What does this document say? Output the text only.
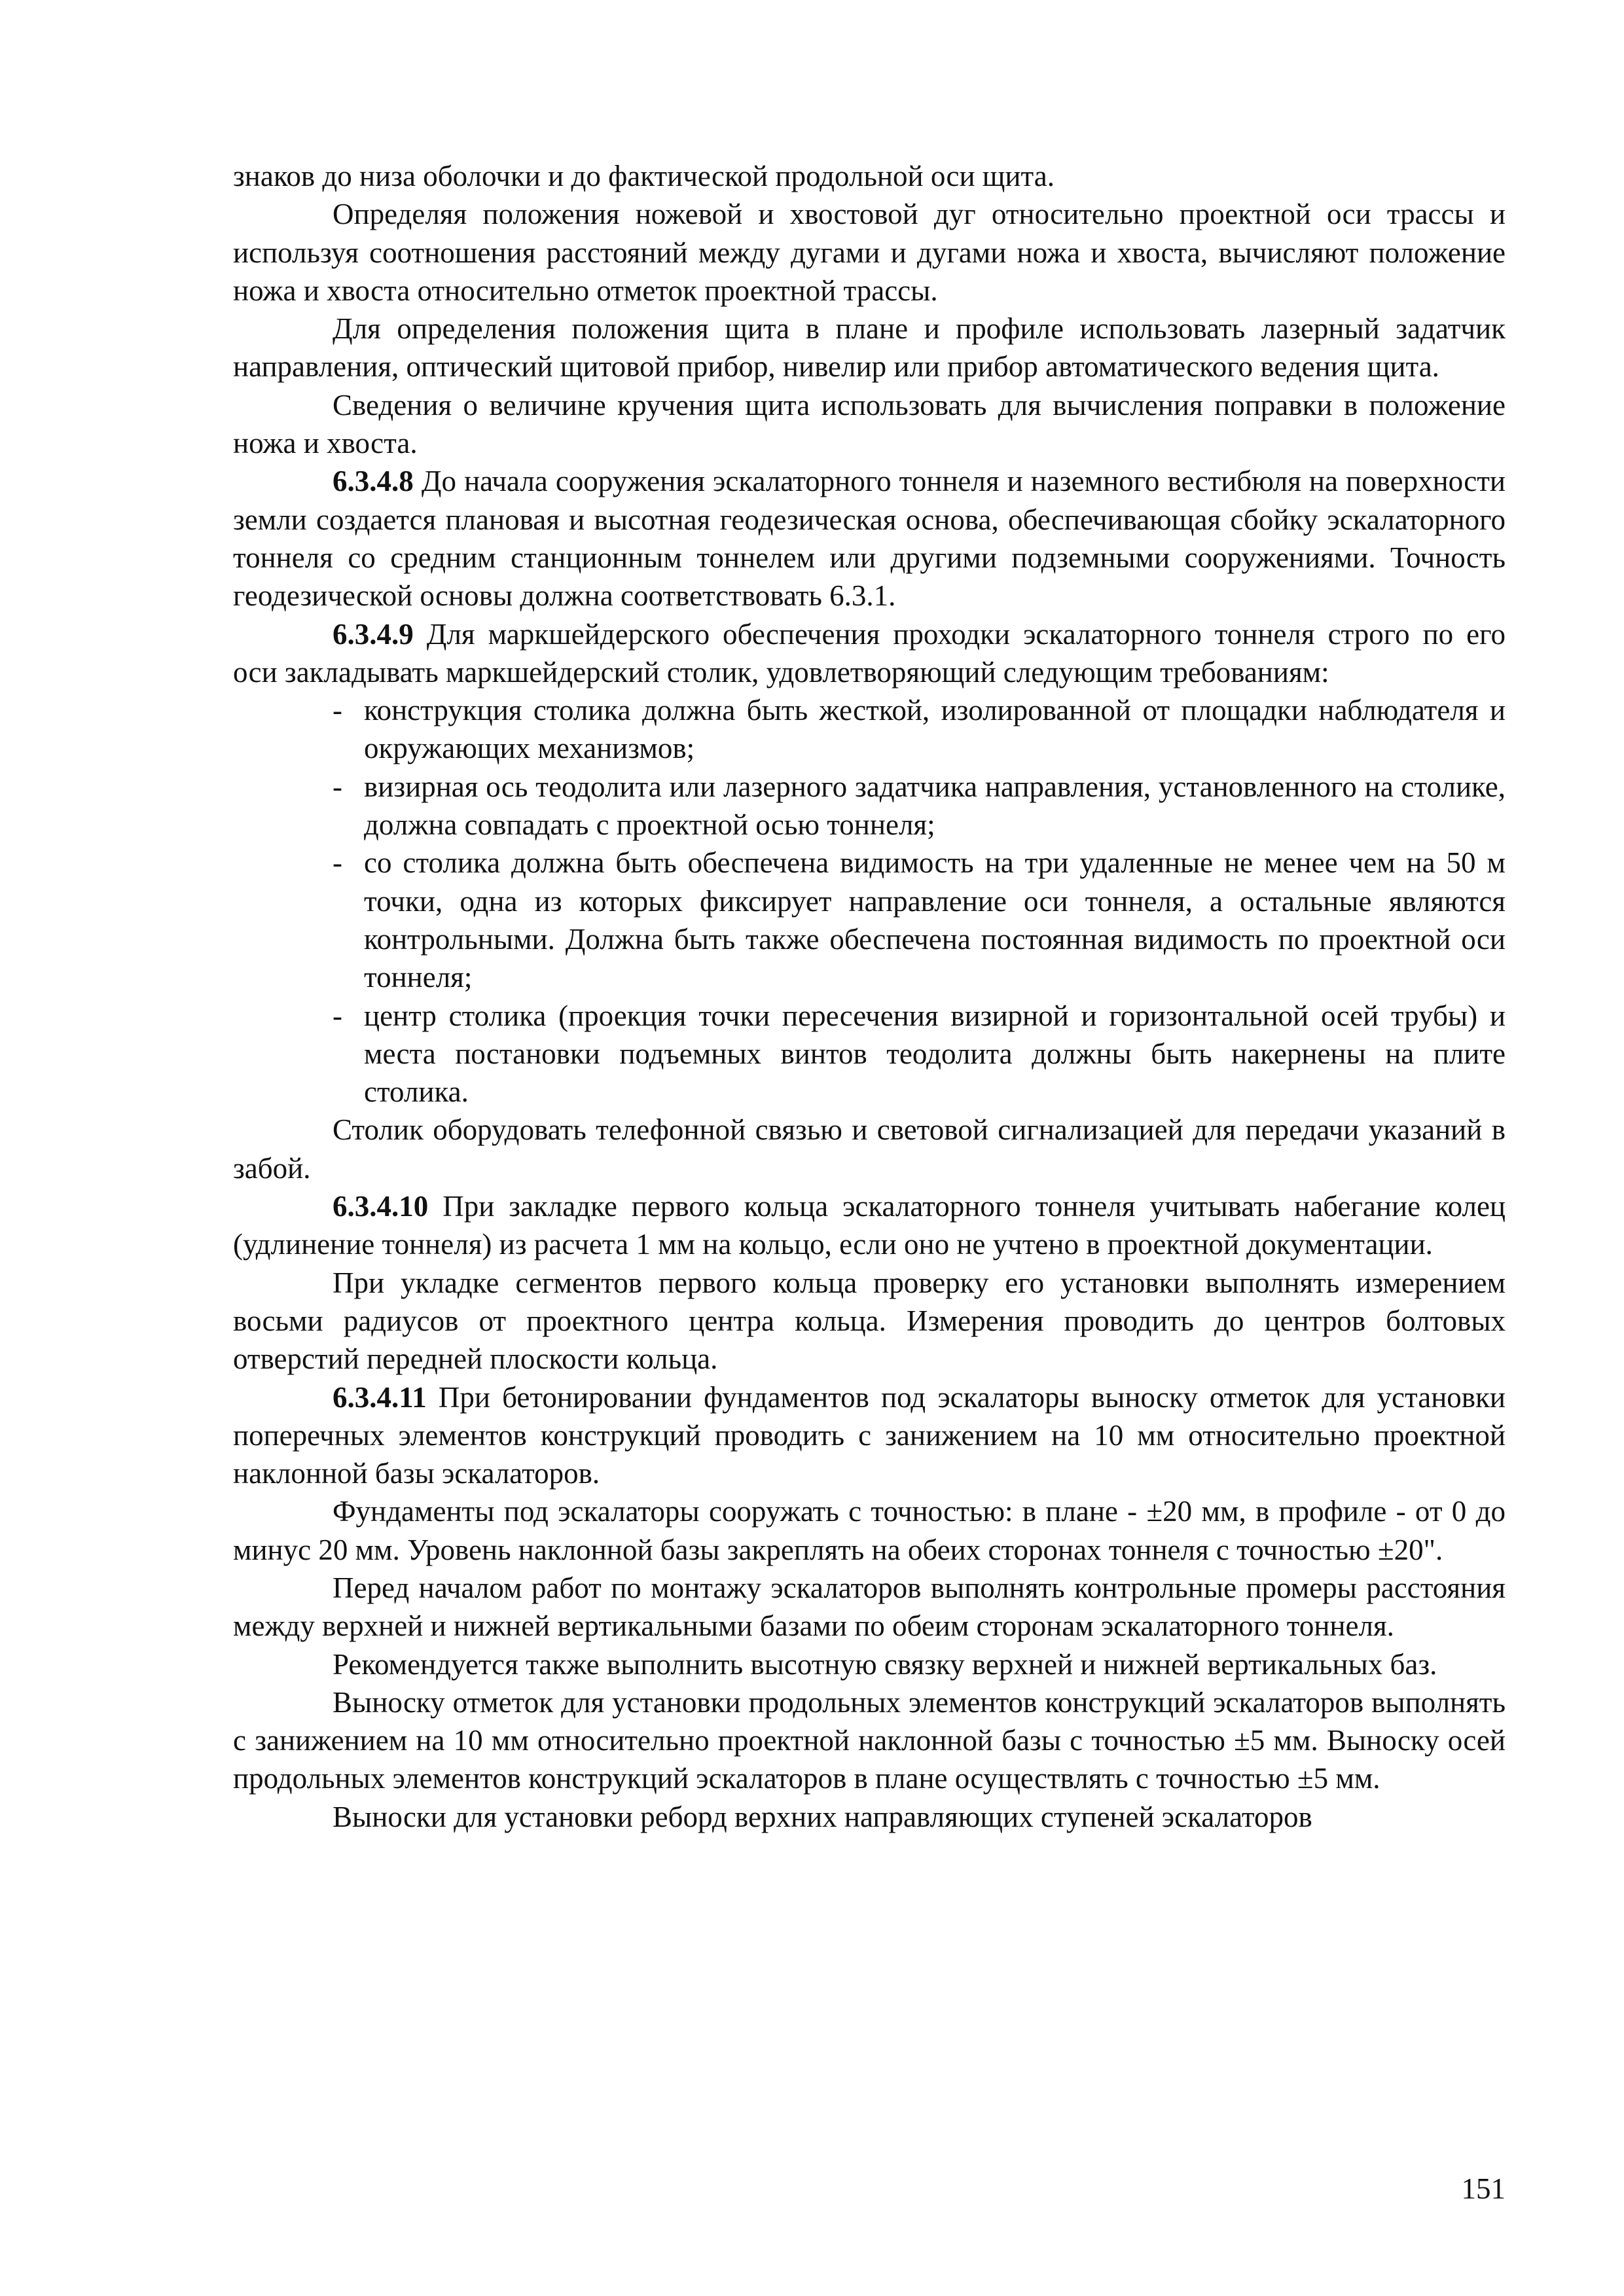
знаков до низа оболочки и до фактической продольной оси щита.

Определяя положения ножевой и хвостовой дуг относительно проектной оси трассы и используя соотношения расстояний между дугами и дугами ножа и хвоста, вычисляют положение ножа и хвоста относительно отметок проектной трассы.

Для определения положения щита в плане и профиле использовать лазерный задатчик направления, оптический щитовой прибор, нивелир или прибор автоматического ведения щита.

Сведения о величине кручения щита использовать для вычисления поправки в положение ножа и хвоста.

6.3.4.8 До начала сооружения эскалаторного тоннеля и наземного вестибюля на поверхности земли создается плановая и высотная геодезическая основа, обеспечивающая сбойку эскалаторного тоннеля со средним станционным тоннелем или другими подземными сооружениями. Точность геодезической основы должна соответствовать 6.3.1.

6.3.4.9 Для маркшейдерского обеспечения проходки эскалаторного тоннеля строго по его оси закладывать маркшейдерский столик, удовлетворяющий следующим требованиям:

- конструкция столика должна быть жесткой, изолированной от площадки наблюдателя и окружающих механизмов;
- визирная ось теодолита или лазерного задатчика направления, установленного на столике, должна совпадать с проектной осью тоннеля;
- со столика должна быть обеспечена видимость на три удаленные не менее чем на 50 м точки, одна из которых фиксирует направление оси тоннеля, а остальные являются контрольными. Должна быть также обеспечена постоянная видимость по проектной оси тоннеля;
- центр столика (проекция точки пересечения визирной и горизонтальной осей трубы) и места постановки подъемных винтов теодолита должны быть накернены на плите столика.

Столик оборудовать телефонной связью и световой сигнализацией для передачи указаний в забой.

6.3.4.10 При закладке первого кольца эскалаторного тоннеля учитывать набегание колец (удлинение тоннеля) из расчета 1 мм на кольцо, если оно не учтено в проектной документации.

При укладке сегментов первого кольца проверку его установки выполнять измерением восьми радиусов от проектного центра кольца. Измерения проводить до центров болтовых отверстий передней плоскости кольца.

6.3.4.11 При бетонировании фундаментов под эскалаторы выноску отметок для установки поперечных элементов конструкций проводить с занижением на 10 мм относительно проектной наклонной базы эскалаторов.

Фундаменты под эскалаторы сооружать с точностью: в плане - ±20 мм, в профиле - от 0 до минус 20 мм. Уровень наклонной базы закреплять на обеих сторонах тоннеля с точностью ±20".

Перед началом работ по монтажу эскалаторов выполнять контрольные промеры расстояния между верхней и нижней вертикальными базами по обеим сторонам эскалаторного тоннеля.

Рекомендуется также выполнить высотную связку верхней и нижней вертикальных баз.

Выноску отметок для установки продольных элементов конструкций эскалаторов выполнять с занижением на 10 мм относительно проектной наклонной базы с точностью ±5 мм. Выноску осей продольных элементов конструкций эскалаторов в плане осуществлять с точностью ±5 мм.

Выноски для установки реборд верхних направляющих ступеней эскалаторов

151
